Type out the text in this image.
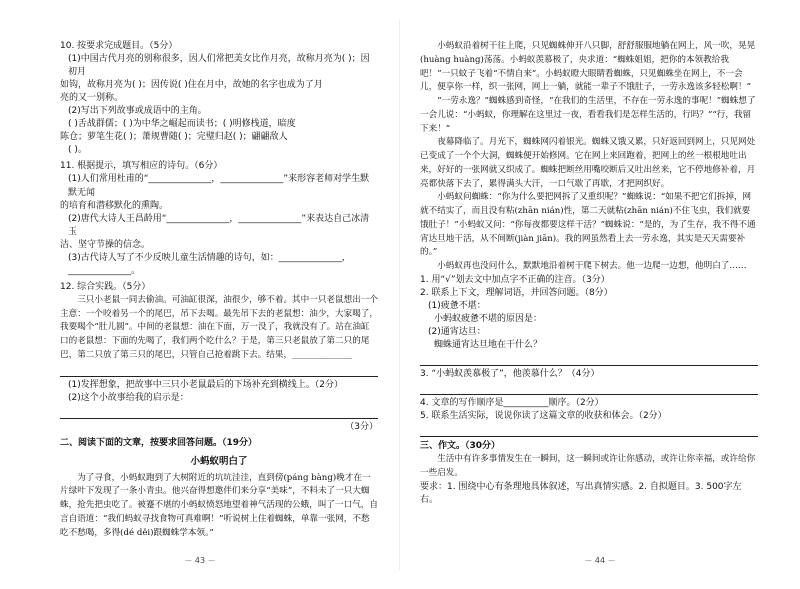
10. 按要求完成题目。（5分）

(1)中国古代月亮的别称很多，因人们常把美女比作月亮，故称月亮为( )；因初月

如钩，故称月亮为( )；因传说( )住在月中，故她的名字也成为了月

亮的又一别称。

(2)写出下列故事或成语中的主角。

( )舌战群儒；( )为中华之崛起而读书；( )明修栈道，暗度

陈仓；萝笔生花( )；萧规曹随( )；完璧归赵( )；翩翩敌人

( )。

11. 根据提示，填写相应的诗句。（6分）

(1)人们常用杜甫的“______________，______________”来形容老师对学生默默无闻

的培育和潜移默化的熏陶。

(2)唐代大诗人王昌龄用“______________，______________”来表达自己冰清玉

洁、坚守节操的信念。

(3)古代诗人写了不少反映儿童生活情趣的诗句，如：______________，______________。

12. 综合实践。（5分）

三只小老鼠一同去偷油。可油缸很深，油很少，够不着。其中一只老鼠想出一个主意：一个咬着另一个的尾巴，吊下去喝。最先吊下去的老鼠想：油少，大家喝了，我要喝个“肚儿圆”。中间的老鼠想：油在下面，万一没了，我就没有了。站在油缸口的老鼠想：下面的先喝了，我们两个吃什么？于是，第三只老鼠放了第二只的尾巴，第二只放了第三只的尾巴，只管自己抢着跳下去。结果，______________

(1)发挥想象，把故事中三只小老鼠最后的下场补充到横线上。（2分）

(2)这个小故事给我的启示是：

（3分）

二、阅读下面的文章，按要求回答问题。（19分）

小蚂蚁明白了

为了寻食，小蚂蚁跑到了大树附近的坑坑洼洼，直到傍(páng bàng)晚才在一片绿叶下发现了一条小青虫。他兴奋得想邀伴们来分享“美味”，不料未了一只大蜘蛛，抢先把虫吃了。被蹇不堪的小蚂蚁愤怒地望着神气活现的公蛾，叫了一口气，自言自语道：“我们蚂蚁寻找食物可真难啊！”听说树上住着蜘蛛，单靠一张网，不愁吃不愁喝，多得(dé děi)跟蜘蛛学本领。”

－ 43 －

小蚂蚁沿着树干往上爬，只见蜘蛛伸开八只脚，舒舒服服地躺在网上，风一吹，晃晃(huàng huàng)荡荡。小蚂蚁羡慕极了，央求道：“蜘蛛姐姐，把你的本领教给我吧！”一只蚊子飞着“不情自来”。小蚂蚁瞪大眼睛看蜘蛛，只见蜘蛛坐在网上，不一会儿，便享你一样，织一张网，网上一躺，就能一辈子不饿肚子，一劳永逸该多轻松啊！”

“一劳永逸？”蜘蛛感到奇怪，“在我们的生活里，不存在一劳永逸的事呢！”蜘蛛想了一会儿说：“小蚂蚁，你理解在这里过一夜，看看我们是怎样生活的，行吗？”“行，我留下来！”

夜幕降临了。月光下，蜘蛛网闪着银光。蜘蛛又饿又累，只好返回到网上，只见网处已变成了一个个大洞，蜘蛛便开始修网。它在网上来回跑着，把网上的丝一根根地吐出来，好好的一张网就又织成了。蜘蛛把断丝用嘴咬断后又吐出丝来，它不停地修补着，月亮都快落下去了，累得满头大汗，一口气歇了再歇，才把网织好。

小蚂蚁问蜘蛛：“你为什么要把网拆了又重织呢？”蜘蛛说：“如果不把它们拆掉，网就不结实了，而且没有粘(zhān nián)性，第二天就粘(zhān nián)不住飞虫，我们就要饿肚子！”小蚂蚁又问：“你每夜都要这样干活？”蜘蛛说：“是的，为了生存，我不得不通宵达旦地干活，从不间断(jiàn jiān)。我的网虽然看上去一劳永逸，其实是天天需要补的。”

小蚂蚁再也没问什么，默默地沿着树干爬下树去。他一边爬一边想，他明白了……

1. 用“√”划去文中加点字不正确的注音。（3分）

2. 联系上下文，理解词语，并回答问题。（8分）

(1)疲惫不堪：

小蚂蚁疲惫不堪的原因是：

(2)通宵达旦：

蜘蛛通宵达旦地在干什么？

3. “小蚂蚁羡慕极了”，他羡慕什么？（4分）

4. 文章的写作顺序是__________顺序。（2分）

5. 联系生活实际，说说你读了这篇文章的收获和体会。（2分）

三、作文。（30分）

生活中有许多事情发生在一瞬间，这一瞬间或许让你感动，或许让你幸福，或许给你一些启发。

要求：1. 围绕中心有条理地具体叙述，写出真情实感。2. 自拟题目。3. 500字左右。

－ 44 －
